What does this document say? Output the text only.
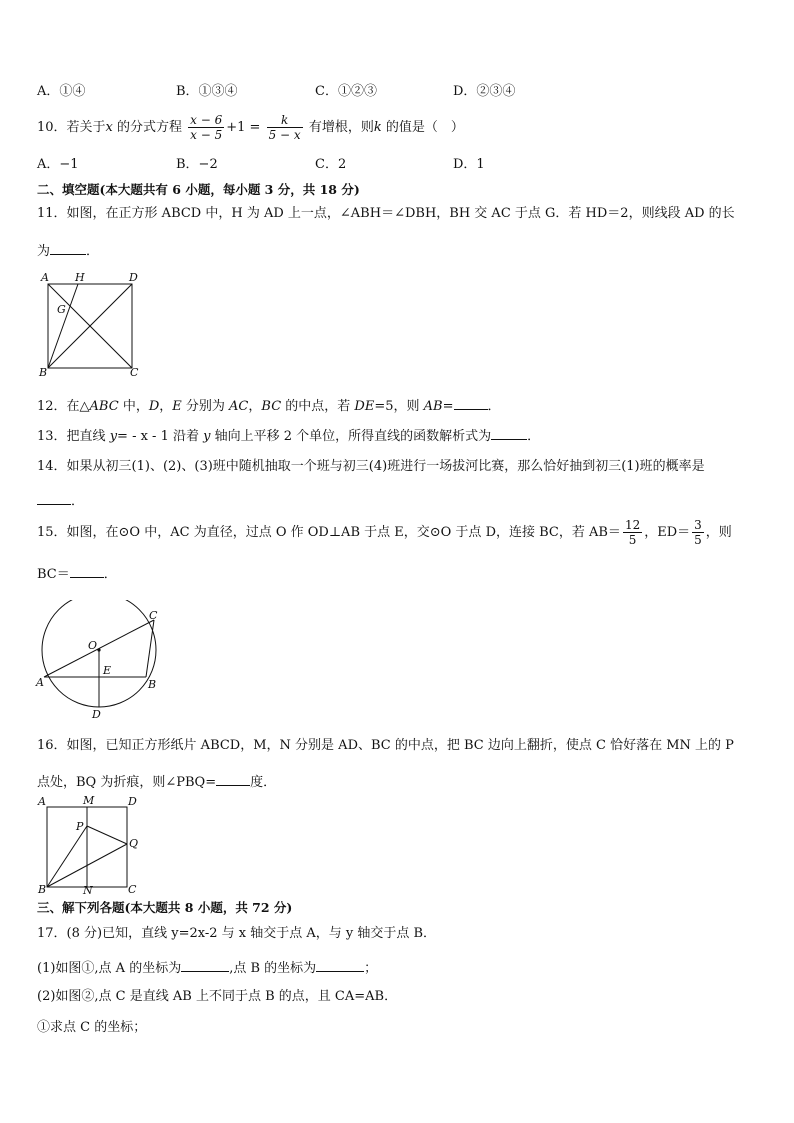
A．①④	B．①③④	C．①②③	D．②③④
10．若关于x 的分式方程 $\frac{x - 6}{x - 5} +1 = \frac{k}{5 - x}$ 有增根，则k 的值是（　）
A．−1	B．−2	C．2	D．1
二、填空题(本大题共有 6 小题，每小题 3 分，共 18 分)
11．如图，在正方形 ABCD 中，H 为 AD 上一点，∠ABH＝∠DBH，BH 交 AC 于点 G．若 HD＝2，则线段 AD 的长
为	．
A H	D
G
B	C
12．在△ABC 中，D，E 分别为 AC，BC 的中点，若 DE=5，则 AB=	．
13．把直线 y= - x - 1 沿着 y 轴向上平移 2 个单位，所得直线的函数解析式为	．
14．如果从初三(1)、(2)、(3)班中随机抽取一个班与初三(4)班进行一场拔河比赛，那么恰好抽到初三(1)班的概率是
．
15．如图，在⊙O 中，AC 为直径，过点 O 作 OD⊥AB 于点 E，交⊙O 于点 D，连接 BC，若 $AB= \frac{12}{5}$ ，$ED= \frac{3}{5}$ ，则
BC＝	．
C
O
E
A	B
D
16．如图，已知正方形纸片 ABCD，M，N 分别是 AD、BC 的中点，把 BC 边向上翻折，使点 C 恰好落在 MN 上的 P
点处，BQ 为折痕，则∠PBQ=	度．
A	M	D
P
Q
B	N	C
三、解下列各题(本大题共 8 小题，共 72 分)
17．(8 分)已知，直线 y=2x-2 与 x 轴交于点 A，与 y 轴交于点 B．
(1)如图①,点 A 的坐标为	,点 B 的坐标为	；
(2)如图②,点 C 是直线 AB 上不同于点 B 的点，且 CA=AB．
①求点 C 的坐标；
